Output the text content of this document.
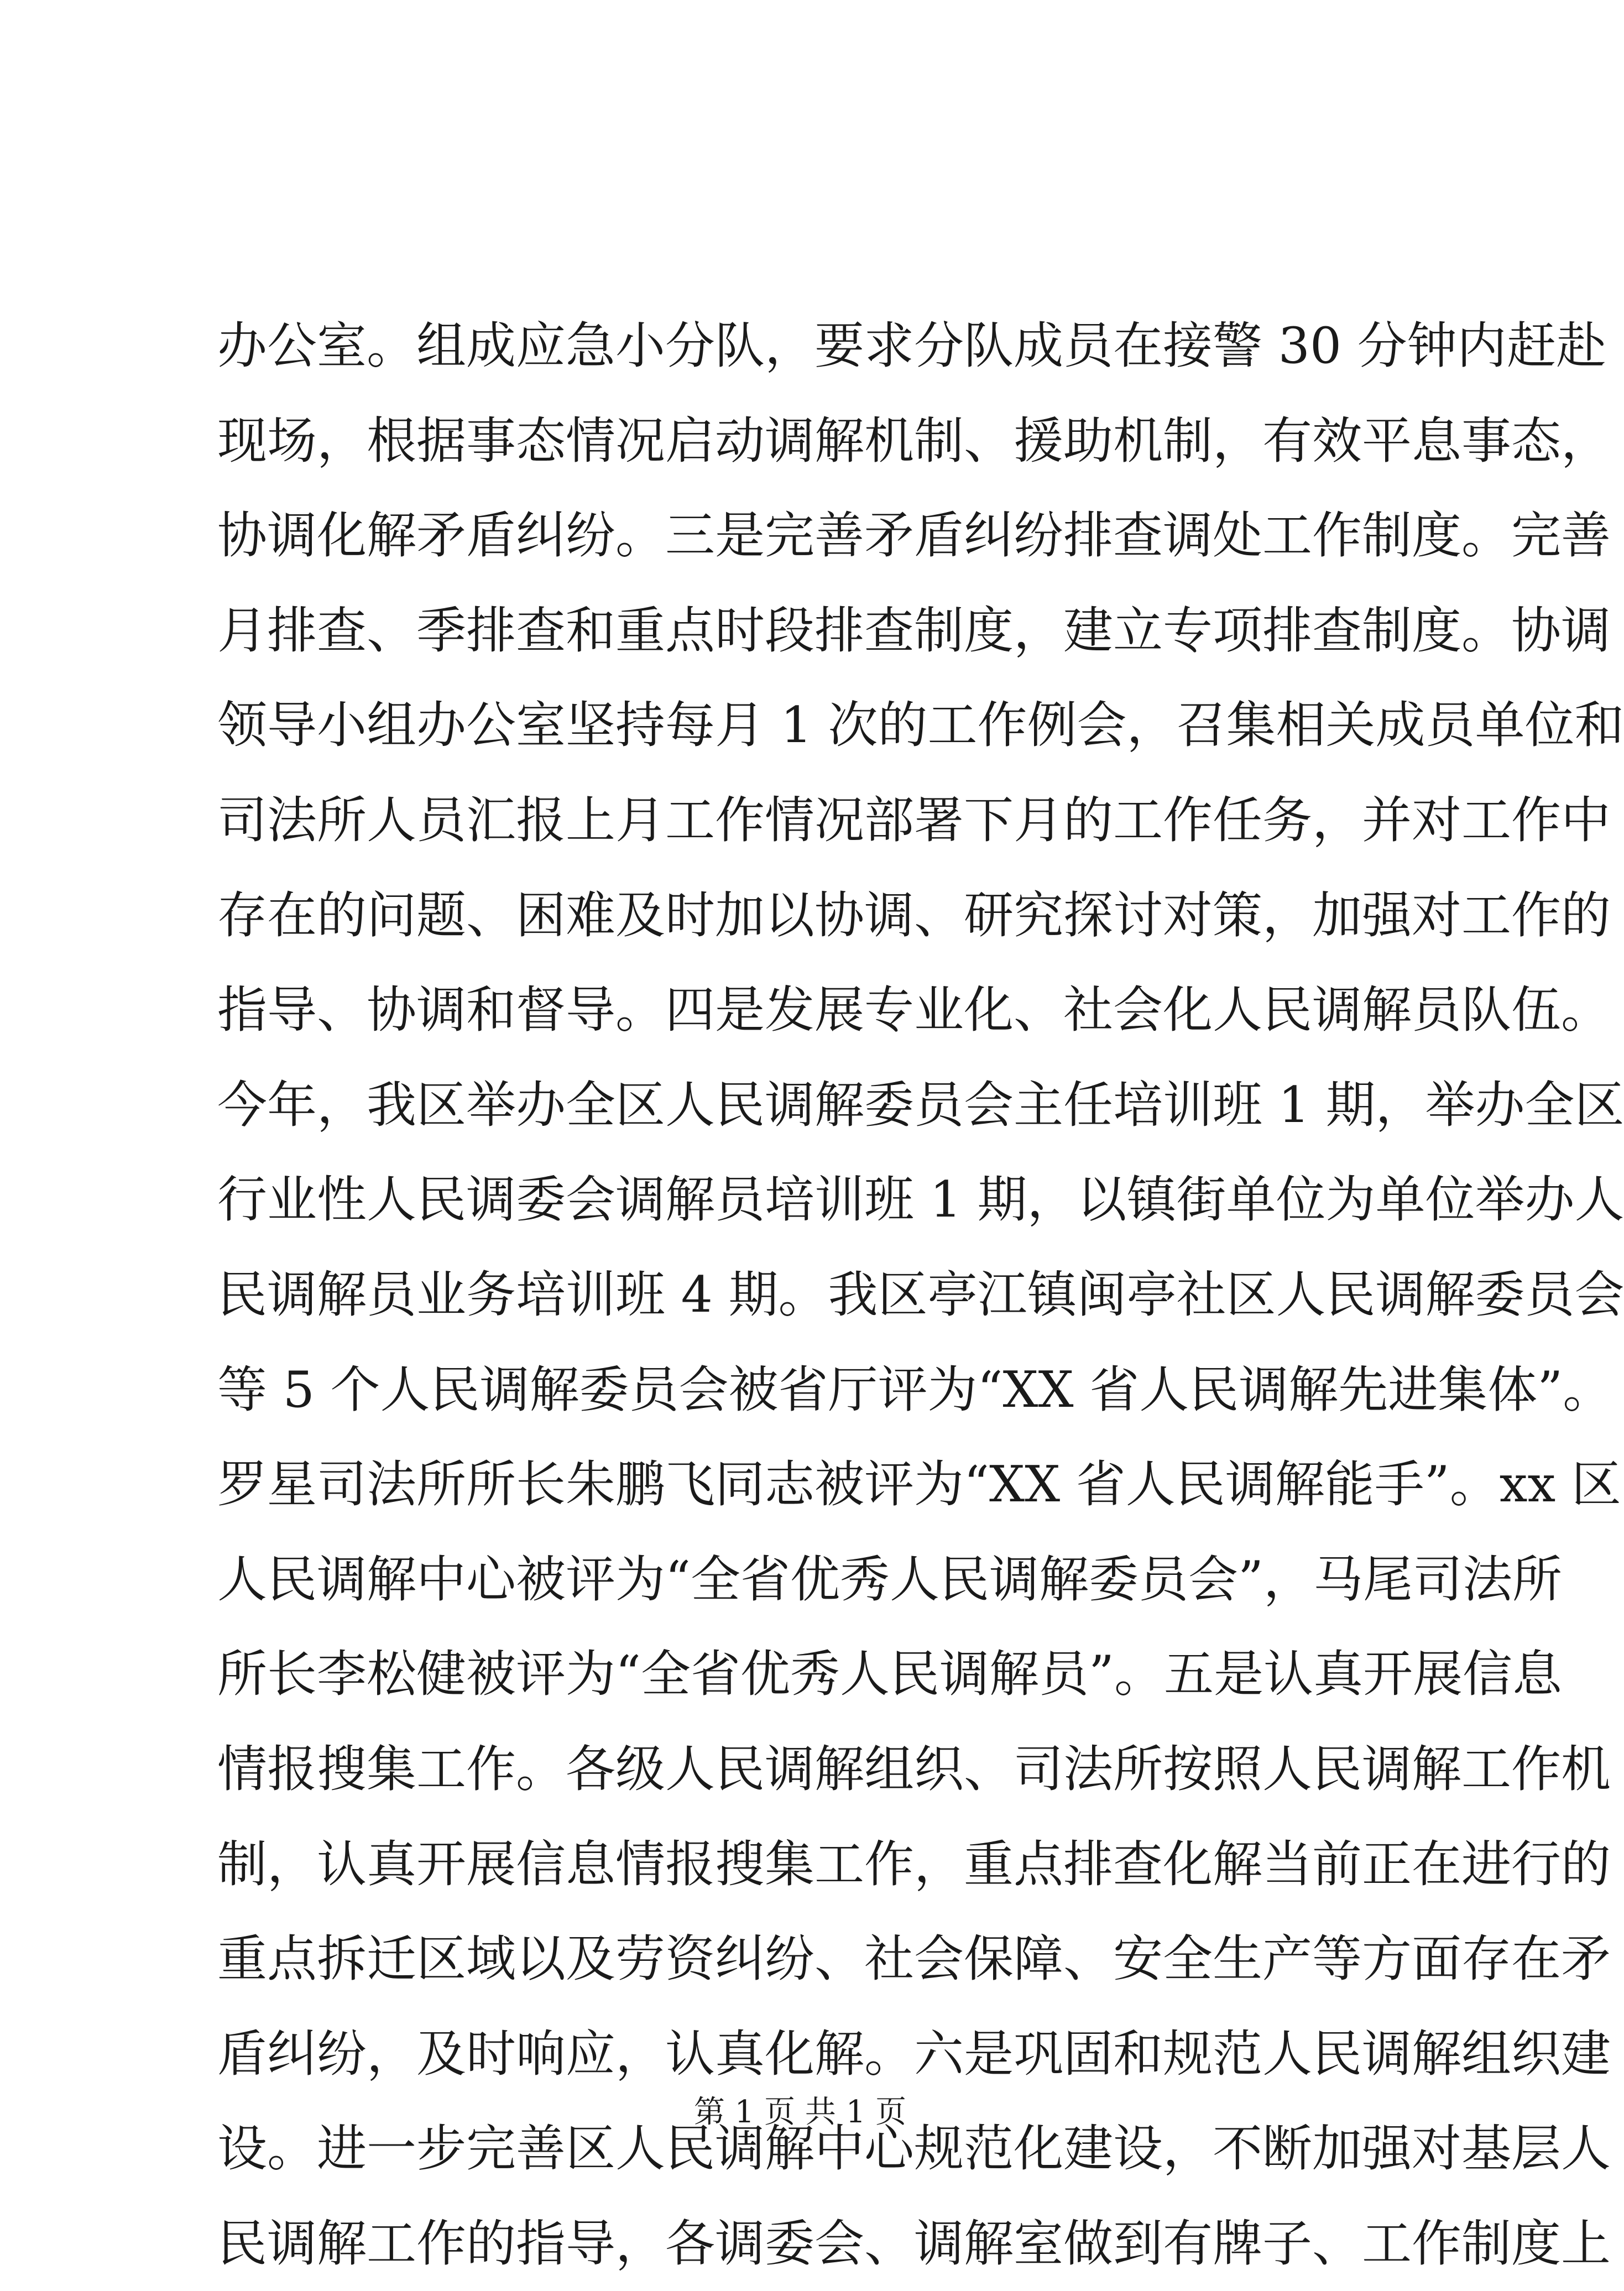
办公室。组成应急小分队，要求分队成员在接警 30 分钟内赶赴
现场，根据事态情况启动调解机制、援助机制，有效平息事态，
协调化解矛盾纠纷。三是完善矛盾纠纷排查调处工作制度。完善
月排查、季排查和重点时段排查制度，建立专项排查制度。协调
领导小组办公室坚持每月 1 次的工作例会，召集相关成员单位和
司法所人员汇报上月工作情况部署下月的工作任务，并对工作中
存在的问题、困难及时加以协调、研究探讨对策，加强对工作的
指导、协调和督导。四是发展专业化、社会化人民调解员队伍。
今年，我区举办全区人民调解委员会主任培训班 1 期，举办全区
行业性人民调委会调解员培训班 1 期，以镇街单位为单位举办人
民调解员业务培训班 4 期。我区亭江镇闽亭社区人民调解委员会
等 5 个人民调解委员会被省厅评为“XX 省人民调解先进集体”。
罗星司法所所长朱鹏飞同志被评为“XX 省人民调解能手”。xx 区
人民调解中心被评为“全省优秀人民调解委员会”，马尾司法所
所长李松健被评为“全省优秀人民调解员”。五是认真开展信息
情报搜集工作。各级人民调解组织、司法所按照人民调解工作机
制，认真开展信息情报搜集工作，重点排查化解当前正在进行的
重点拆迁区域以及劳资纠纷、社会保障、安全生产等方面存在矛
盾纠纷，及时响应，认真化解。六是巩固和规范人民调解组织建
设。进一步完善区人民调解中心规范化建设，不断加强对基层人
民调解工作的指导，各调委会、调解室做到有牌子、工作制度上
第 1 页 共 1 页
